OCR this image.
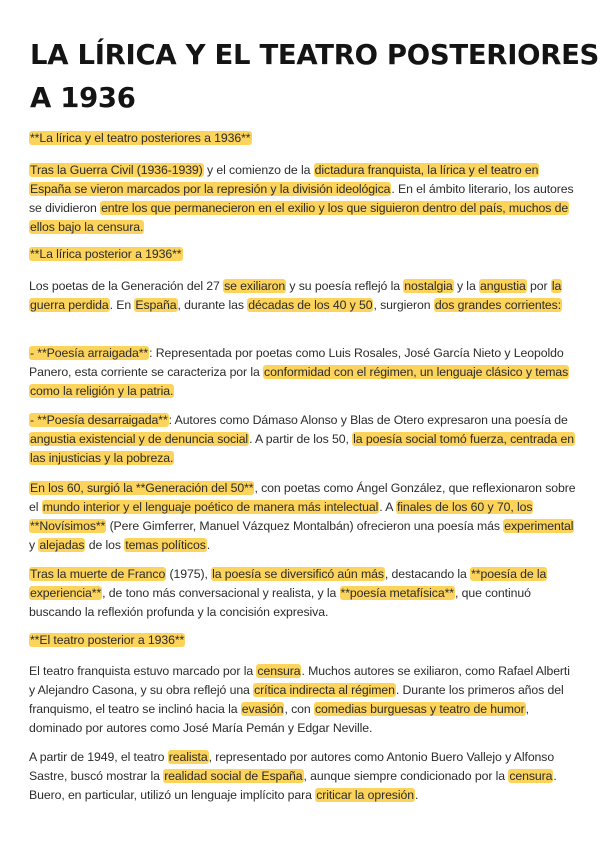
LA LÍRICA Y EL TEATRO POSTERIORES A 1936

**La lírica y el teatro posteriores a 1936**

Tras la Guerra Civil (1936-1939) y el comienzo de la dictadura franquista, la lírica y el teatro en España se vieron marcados por la represión y la división ideológica. En el ámbito literario, los autores se dividieron entre los que permanecieron en el exilio y los que siguieron dentro del país, muchos de ellos bajo la censura.

**La lírica posterior a 1936**

Los poetas de la Generación del 27 se exiliaron y su poesía reflejó la nostalgia y la angustia por la guerra perdida. En España, durante las décadas de los 40 y 50, surgieron dos grandes corrientes:

- **Poesía arraigada**: Representada por poetas como Luis Rosales, José García Nieto y Leopoldo Panero, esta corriente se caracteriza por la conformidad con el régimen, un lenguaje clásico y temas como la religión y la patria.

- **Poesía desarraigada**: Autores como Dámaso Alonso y Blas de Otero expresaron una poesía de angustia existencial y de denuncia social. A partir de los 50, la poesía social tomó fuerza, centrada en las injusticias y la pobreza.

En los 60, surgió la **Generación del 50**, con poetas como Ángel González, que reflexionaron sobre el mundo interior y el lenguaje poético de manera más intelectual. A finales de los 60 y 70, los **Novísimos** (Pere Gimferrer, Manuel Vázquez Montalbán) ofrecieron una poesía más experimental y alejadas de los temas políticos.

Tras la muerte de Franco (1975), la poesía se diversificó aún más, destacando la **poesía de la experiencia**, de tono más conversacional y realista, y la **poesía metafísica**, que continuó buscando la reflexión profunda y la concisión expresiva.

**El teatro posterior a 1936**

El teatro franquista estuvo marcado por la censura. Muchos autores se exiliaron, como Rafael Alberti y Alejandro Casona, y su obra reflejó una crítica indirecta al régimen. Durante los primeros años del franquismo, el teatro se inclinó hacia la evasión, con comedias burguesas y teatro de humor, dominado por autores como José María Pemán y Edgar Neville.

A partir de 1949, el teatro realista, representado por autores como Antonio Buero Vallejo y Alfonso Sastre, buscó mostrar la realidad social de España, aunque siempre condicionado por la censura. Buero, en particular, utilizó un lenguaje implícito para criticar la opresión.
